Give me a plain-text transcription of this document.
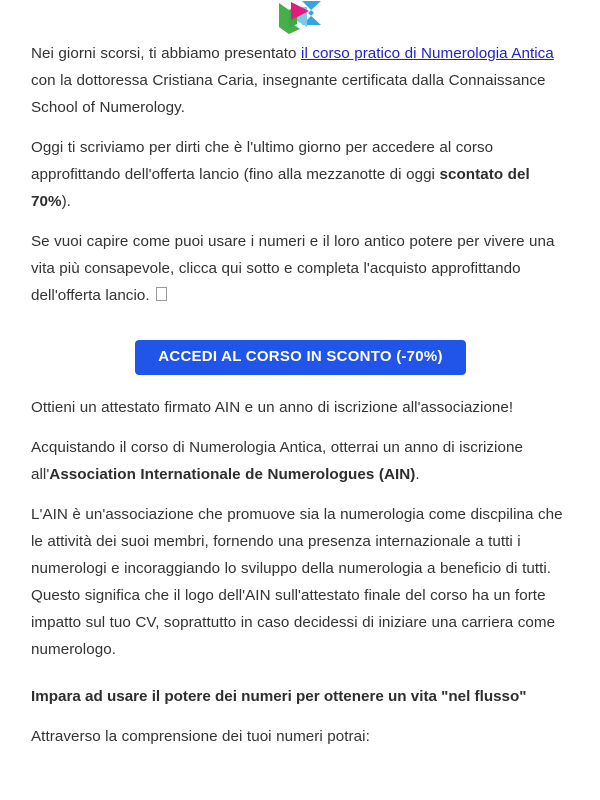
Nei giorni scorsi, ti abbiamo presentato il corso pratico di Numerologia Antica con la dottoressa Cristiana Caria, insegnante certificata dalla Connaissance School of Numerology.

Oggi ti scriviamo per dirti che è l'ultimo giorno per accedere al corso approfittando dell'offerta lancio (fino alla mezzanotte di oggi scontato del 70%).

Se vuoi capire come puoi usare i numeri e il loro antico potere per vivere una vita più consapevole, clicca qui sotto e completa l'acquisto approfittando dell'offerta lancio.

ACCEDI AL CORSO IN SCONTO (-70%)

Ottieni un attestato firmato AIN e un anno di iscrizione all'associazione!

Acquistando il corso di Numerologia Antica, otterrai un anno di iscrizione all'Association Internationale de Numerologues (AIN).

L'AIN è un'associazione che promuove sia la numerologia come discpilina che le attività dei suoi membri, fornendo una presenza internazionale a tutti i numerologi e incoraggiando lo sviluppo della numerologia a beneficio di tutti.

Questo significa che il logo dell'AIN sull'attestato finale del corso ha un forte impatto sul tuo CV, soprattutto in caso decidessi di iniziare una carriera come numerologo.

Impara ad usare il potere dei numeri per ottenere un vita "nel flusso"

Attraverso la comprensione dei tuoi numeri potrai:
